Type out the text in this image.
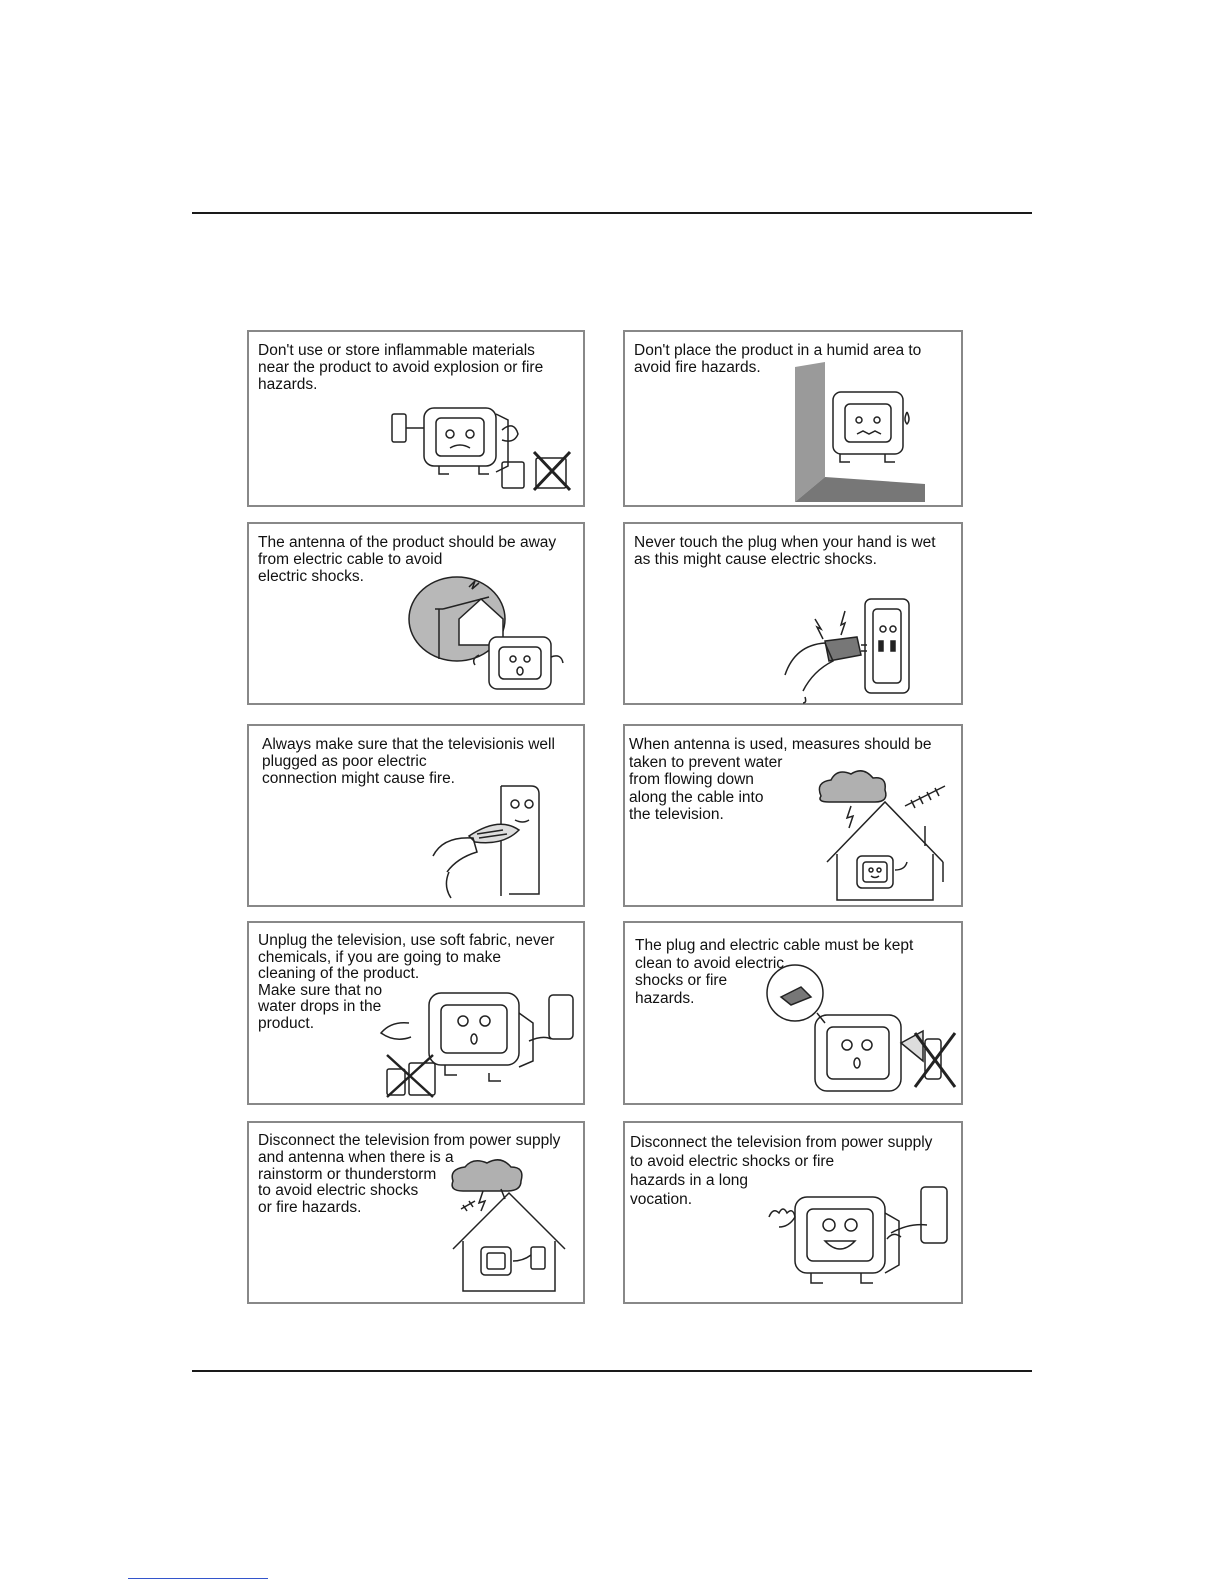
Don't use or store inflammable materials
near the product to avoid explosion or fire
hazards.
Don't place the product in a humid area to
avoid fire hazards.
The antenna of the product should be away
from electric cable to avoid
electric shocks.
Never touch the plug when your hand is wet
as this might cause electric shocks.
Always make sure that the televisionis well
plugged as poor electric
connection might cause fire.
When antenna is used, measures should be
taken to prevent water
from flowing down
along the cable into
the television.
Unplug the television, use soft fabric, never
chemicals, if you are going to make
cleaning of the product.
Make sure that no
water drops in the
product.
The plug and electric cable must be kept
clean to avoid electric
shocks or fire
hazards.
Disconnect the television from power supply
and antenna when there is a
rainstorm or thunderstorm
to avoid electric shocks
or fire hazards.
Disconnect the television from power supply
to avoid electric shocks or fire
hazards in a long
vocation.
